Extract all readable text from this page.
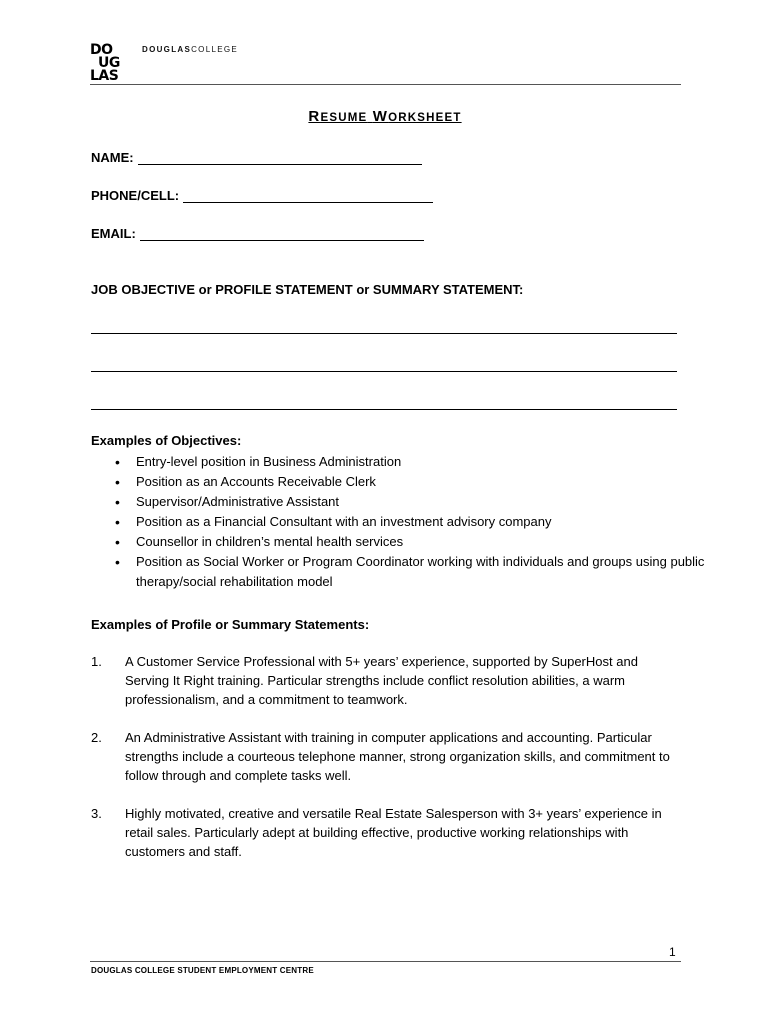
DO
UG
LAS
DOUGLASCOLLEGE
RESUME WORKSHEET
NAME:
PHONE/CELL:
EMAIL:
JOB OBJECTIVE or PROFILE STATEMENT or SUMMARY STATEMENT:
Examples of Objectives:
• Entry-level position in Business Administration
• Position as an Accounts Receivable Clerk
• Supervisor/Administrative Assistant
• Position as a Financial Consultant with an investment advisory company
• Counsellor in children’s mental health services
• Position as Social Worker or Program Coordinator working with individuals and groups using public therapy/social rehabilitation model
Examples of Profile or Summary Statements:
1. A Customer Service Professional with 5+ years’ experience, supported by SuperHost and Serving It Right training. Particular strengths include conflict resolution abilities, a warm professionalism, and a commitment to teamwork.
2. An Administrative Assistant with training in computer applications and accounting. Particular strengths include a courteous telephone manner, strong organization skills, and commitment to follow through and complete tasks well.
3. Highly motivated, creative and versatile Real Estate Salesperson with 3+ years’ experience in retail sales. Particularly adept at building effective, productive working relationships with customers and staff.
1
DOUGLAS COLLEGE STUDENT EMPLOYMENT CENTRE
